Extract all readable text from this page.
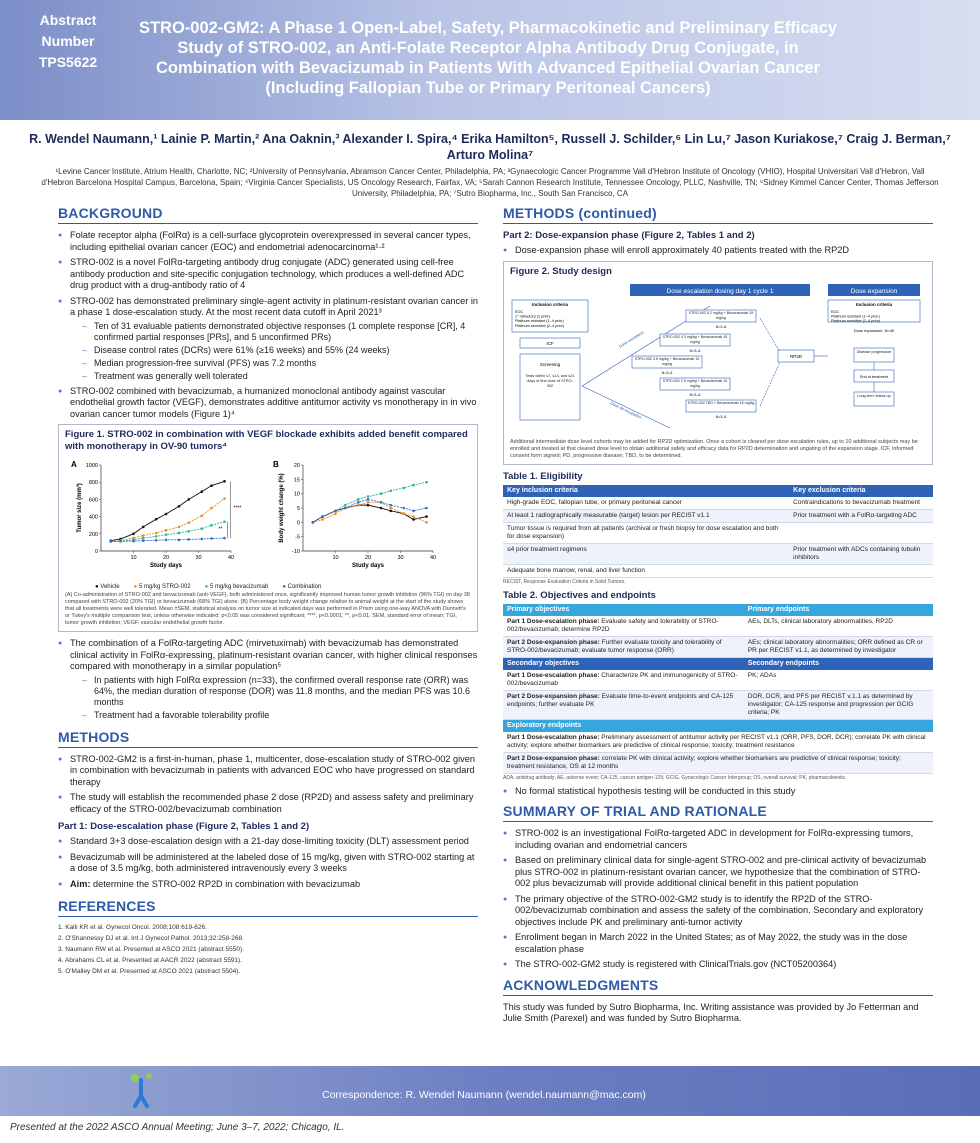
Abstract Number
TPS5622
STRO-002-GM2: A Phase 1 Open-Label, Safety, Pharmacokinetic and Preliminary Efficacy Study of STRO-002, an Anti-Folate Receptor Alpha Antibody Drug Conjugate, in Combination with Bevacizumab in Patients With Advanced Epithelial Ovarian Cancer (Including Fallopian Tube or Primary Peritoneal Cancers)
R. Wendel Naumann,¹ Lainie P. Martin,² Ana Oaknin,³ Alexander I. Spira,⁴ Erika Hamilton⁵, Russell J. Schilder,⁶ Lin Lu,⁷ Jason Kuriakose,⁷ Craig J. Berman,⁷ Arturo Molina⁷
¹Levine Cancer Institute, Atrium Health, Charlotte, NC; ²University of Pennsylvania, Abramson Cancer Center, Philadelphia, PA; ³Gynaecologic Cancer Programme Vall d'Hebron Institute of Oncology (VHIO), Hospital Universitari Vall d'Hebron, Vall d'Hebron Barcelona Hospital Campus, Barcelona, Spain; ⁴Virginia Cancer Specialists, US Oncology Research, Fairfax, VA; ⁵Sarah Cannon Research Institute, Tennessee Oncology, PLLC, Nashville, TN; ⁶Sidney Kimmel Cancer Center, Thomas Jefferson University, Philadelphia, PA; ⁷Sutro Biopharma, Inc., South San Francisco, CA
BACKGROUND
● Folate receptor alpha (FolRα) is a cell-surface glycoprotein overexpressed in several cancer types, including epithelial ovarian cancer (EOC) and endometrial adenocarcinoma¹·²
● STRO-002 is a novel FolRα-targeting antibody drug conjugate (ADC) generated using cell-free antibody production and site-specific conjugation technology, which produces a well-defined ADC drug product with a drug-antibody ratio of 4
● STRO-002 has demonstrated preliminary single-agent activity in platinum-resistant ovarian cancer in a phase 1 dose-escalation study. At the most recent data cutoff in April 2021³
– Ten of 31 evaluable patients demonstrated objective responses (1 complete response [CR], 4 confirmed partial responses [PRs], and 5 unconfirmed PRs)
– Disease control rates (DCRs) were 61% (≥16 weeks) and 55% (24 weeks)
– Median progression-free survival (PFS) was 7.2 months
– Treatment was generally well tolerated
● STRO-002 combined with bevacizumab, a humanized monoclonal antibody against vascular endothelial growth factor (VEGF), demonstrates additive antitumor activity vs monotherapy in in vivo ovarian cancer tumor models (Figure 1)⁴
Figure 1. STRO-002 in combination with VEGF blockade exhibits added benefit compared with monotherapy in OV-90 tumors⁴
A
0
200
400
600
800
1000
10	20	30	40
Study days
Tumor size (mm³)	****
**
B
-10
-5
0
5
10
15
20
10	20	30	40
Study days
Body weight change (%)
● Vehicle ● 5 mg/kg STRO-002 ● 5 mg/kg bevacizumab ● Combination
(A) Co-administration of STRO-002 and bevacizumab (anti-VEGF), both administered once, significantly improved human tumor growth inhibition (96% TGI) on day 38 compared with STRO-002 (20% TGI) or bevacizumab (68% TGI) alone. (B) Percentage body weight change relative to animal weight at the start of the study shows that all treatments were well tolerated. Mean ±SEM, statistical analysis on tumor size at indicated days was performed in Prism using one-way ANOVA with Dunnett's or Tukey's multiple comparison test, unless otherwise indicated: p<0.05 was considered significant; ****, p<0.0001; **, p<0.01. SEM, standard error of mean; TGI, tumor growth inhibition; VEGF, vascular endothelial growth factor.
● The combination of a FolRα-targeting ADC (mirvetuximab) with bevacizumab has demonstrated clinical activity in FolRα-expressing, platinum-resistant ovarian cancer, with higher clinical responses compared with monotherapy in a similar population⁵
– In patients with high FolRα expression (n=33), the confirmed overall response rate (ORR) was 64%, the median duration of response (DOR) was 11.8 months, and the median PFS was 10.6 months
– Treatment had a favorable tolerability profile
METHODS
● STRO-002-GM2 is a first-in-human, phase 1, multicenter, dose-escalation study of STRO-002 given in combination with bevacizumab in patients with advanced EOC who have progressed on standard therapy
● The study will establish the recommended phase 2 dose (RP2D) and assess safety and preliminary efficacy of the STRO-002/bevacizumab combination
Part 1: Dose-escalation phase (Figure 2, Tables 1 and 2)
● Standard 3+3 dose-escalation design with a 21-day dose-limiting toxicity (DLT) assessment period
● Bevacizumab will be administered at the labeled dose of 15 mg/kg, given with STRO-002 starting at a dose of 3.5 mg/kg, both administered intravenously every 3 weeks
● Aim: determine the STRO-002 RP2D in combination with bevacizumab
REFERENCES
1. Kalli KR et al. Gynecol Oncol. 2008;108:619-626.
2. O'Shannessy DJ et al. Int J Gynecol Pathol. 2013;32:258-268.
3. Naumann RW et al. Presented at ASCO 2021 (abstract 5550).
4. Abrahams CL et al. Presented at AACR 2022 (abstract 5591).
5. O'Malley DM et al. Presented at ASCO 2021 (abstract 5504).
METHODS (continued)
Part 2: Dose-expansion phase (Figure 2, Tables 1 and 2)
● Dose-expansion phase will enroll approximately 40 patients treated with the RP2D
Figure 2. Study design
Dose escalation dosing day 1 cycle 1	Dose expansion
Inclusion criteria
EOC 1° refractory (1 prior) Platinum resistant (1–4 prior) Platinum sensitive (2–4 prior)
ICF
Screening
Tests within ≤7, ≤14, and ≤21 days of first dose of STRO-002
Dose escalation
Dose de-escalation
STRO-002 5.2 mg/kg + Bevacizumab 15 mg/kg
N=3–6
STRO-002 4.3 mg/kg + Bevacizumab 15 mg/kg
N=3–6
STRO-002 3.5 mg/kg + Bevacizumab 15 mg/kg
N=3–6
STRO-002 2.9 mg/kg + Bevacizumab 15 mg/kg
N=3–6
STRO-002 TBD + Bevacizumab 15 mg/kg
N=3–6
RP2D
Inclusion criteria
EOC Platinum resistant (1–4 prior) Platinum sensitive (2–4 prior)
Dose expansion, N=40
Disease progression
End of treatment
Long-term follow-up
Additional intermediate dose level cohorts may be added for RP2D optimization. Once a cohort is cleared per dose escalation rules, up to 10 additional subjects may be enrolled and treated at that cleared dose level to obtain additional safety and efficacy data for RP2D determination and ungating of the expansion stage. ICF, informed consent form signed; PD, progressive disease; TBD, to be determined.
Table 1. Eligibility
Key inclusion criteria	Key exclusion criteria
High-grade EOC, fallopian tube, or primary peritoneal cancer	Contraindications to bevacizumab treatment
At least 1 radiographically measurable (target) lesion per RECIST v1.1	Prior treatment with a FolRα-targeting ADC
Tumor tissue is required from all patients (archival or fresh biopsy for dose escalation and both for dose expansion)	
≤4 prior treatment regimens	Prior treatment with ADCs containing tubulin inhibitors
Adequate bone marrow, renal, and liver function	
RECIST, Response Evaluation Criteria in Solid Tumors.
Table 2. Objectives and endpoints
Primary objectives	Primary endpoints
Part 1 Dose-escalation phase: Evaluate safety and tolerability of STRO-002/bevacizumab; determine RP2D	AEs, DLTs, clinical laboratory abnormalities, RP2D
Part 2 Dose-expansion phase: Further evaluate toxicity and tolerability of STRO-002/bevacizumab; evaluate tumor response (ORR)	AEs; clinical laboratory abnormalities; ORR defined as CR or PR per RECIST v1.1, as determined by investigator
Secondary objectives	Secondary endpoints
Part 1 Dose-escalation phase: Characterize PK and immunogenicity of STRO-002/bevacizumab	PK; ADAs
Part 2 Dose-expansion phase: Evaluate time-to-event endpoints and CA-125 endpoints; further evaluate PK	DOR, DCR, and PFS per RECIST v.1.1 as determined by investigator; CA-125 response and progression per GCIG criteria; PK
Exploratory endpoints	
Part 1 Dose-escalation phase: Preliminary assessment of antitumor activity per RECIST v1.1 (ORR, PFS, DOR, DCR); correlate PK with clinical activity; explore whether biomarkers are predictive of clinical response; toxicity; treatment resistance	
Part 2 Dose-expansion phase: correlate PK with clinical activity; explore whether biomarkers are predictive of clinical response; toxicity; treatment resistance, OS at 12 months	
ADA, antidrug antibody; AE, adverse event; CA-125, cancer antigen-125; GCIG, Gynecologic Cancer Intergroup; OS, overall survival; PK, pharmacokinetic.
● No formal statistical hypothesis testing will be conducted in this study
SUMMARY OF TRIAL AND RATIONALE
● STRO-002 is an investigational FolRα-targeted ADC in development for FolRα-expressing tumors, including ovarian and endometrial cancers
● Based on preliminary clinical data for single-agent STRO-002 and pre-clinical activity of bevacizumab plus STRO-002 in platinum-resistant ovarian cancer, we hypothesize that the combination of STRO-002 plus bevacizumab will provide additional clinical benefit in this patient population
● The primary objective of the STRO-002-GM2 study is to identify the RP2D of the STRO-002/bevacizumab combination and assess the safety of the combination. Secondary and exploratory objectives include PK and preliminary anti-tumor activity
● Enrollment began in March 2022 in the United States; as of May 2022, the study was in the dose escalation phase
● The STRO-002-GM2 study is registered with ClinicalTrials.gov (NCT05200364)
ACKNOWLEDGMENTS
This study was funded by Sutro Biopharma, Inc. Writing assistance was provided by Jo Fetterman and Julie Smith (Parexel) and was funded by Sutro Biopharma.
Correspondence: R. Wendel Naumann (wendel.naumann@mac.com)
Presented at the 2022 ASCO Annual Meeting; June 3–7, 2022; Chicago, IL.
